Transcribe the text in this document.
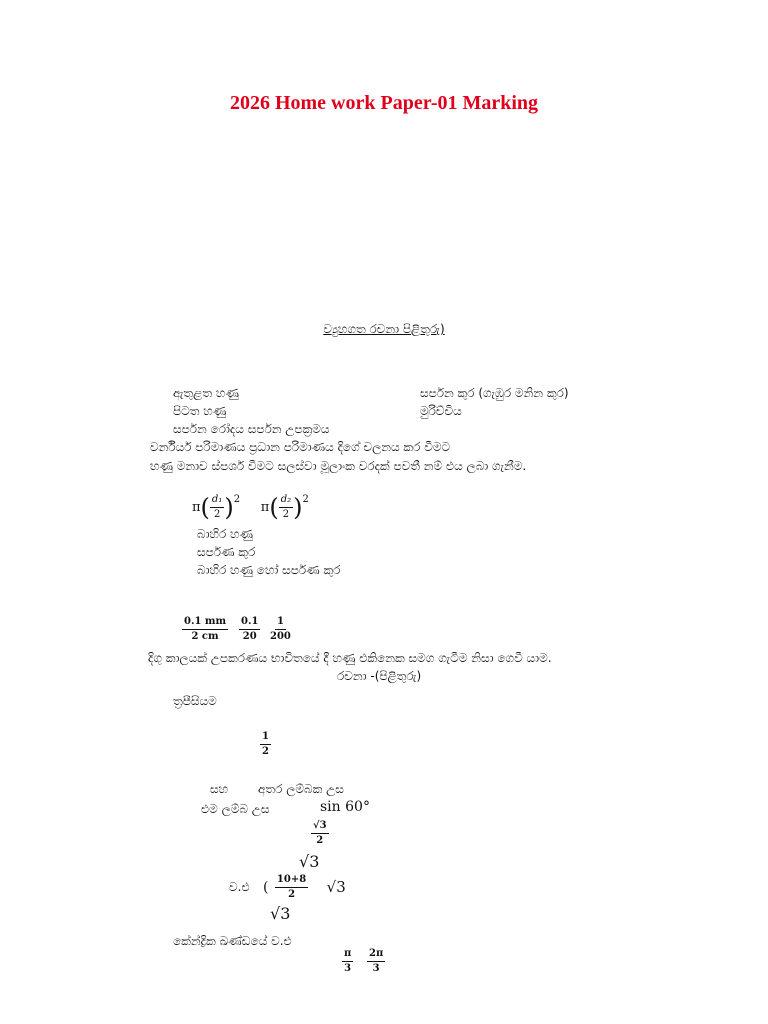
2026 Home work Paper-01 Marking
ව්‍යුහගත රචනා පිළිතුරු)
ඇතුළත හණු	සර්පන කුර (ගැඹුර මනින කුර)
පිටත හණු	මුරිච්චිය
සර්පන රෝදය සර්පන උපක්‍රමය
වර්නියර් පරිමාණය ප්‍රධාන පරිමාණය දිගේ චලනය කර වීමට
හණු මනාව ස්පර්ශ වීමට සලස්වා මූලාංක වරදක් පවතී නම් එය ලබා ගැනීම.
$\pi( \frac{\text{d₁}}{2} )^2$     $\pi( \frac{\text{d₂}}{2} )^2$
බාහිර හණු
සර්පණ කුර
බාහිර හණු හෝ සර්පණ කුර
$\frac{0.1 mm}{2 cm} \frac{0.1}{20} \frac{1}{200}$
දිගු කාලයක් උපකරණය භාවිතයේ දී හණු එකිනෙක සමග ගැටීම නිසා ගෙවී යාම.
රචනා -(පිළිතුරු)
ත්‍රපීසියම
$\frac{1}{2}$
සහ අතර ලම්බක උස
එම ලම්බ උස	sin 60°
$\frac{√3}{2}$
√3
ව.එ ( $\frac{10+8}{2} √3$
√3
කේන්ද්‍රික ඛණ්ඩයේ ව.එ
$\frac{\pi}{3} \frac{2\pi}{3}$
